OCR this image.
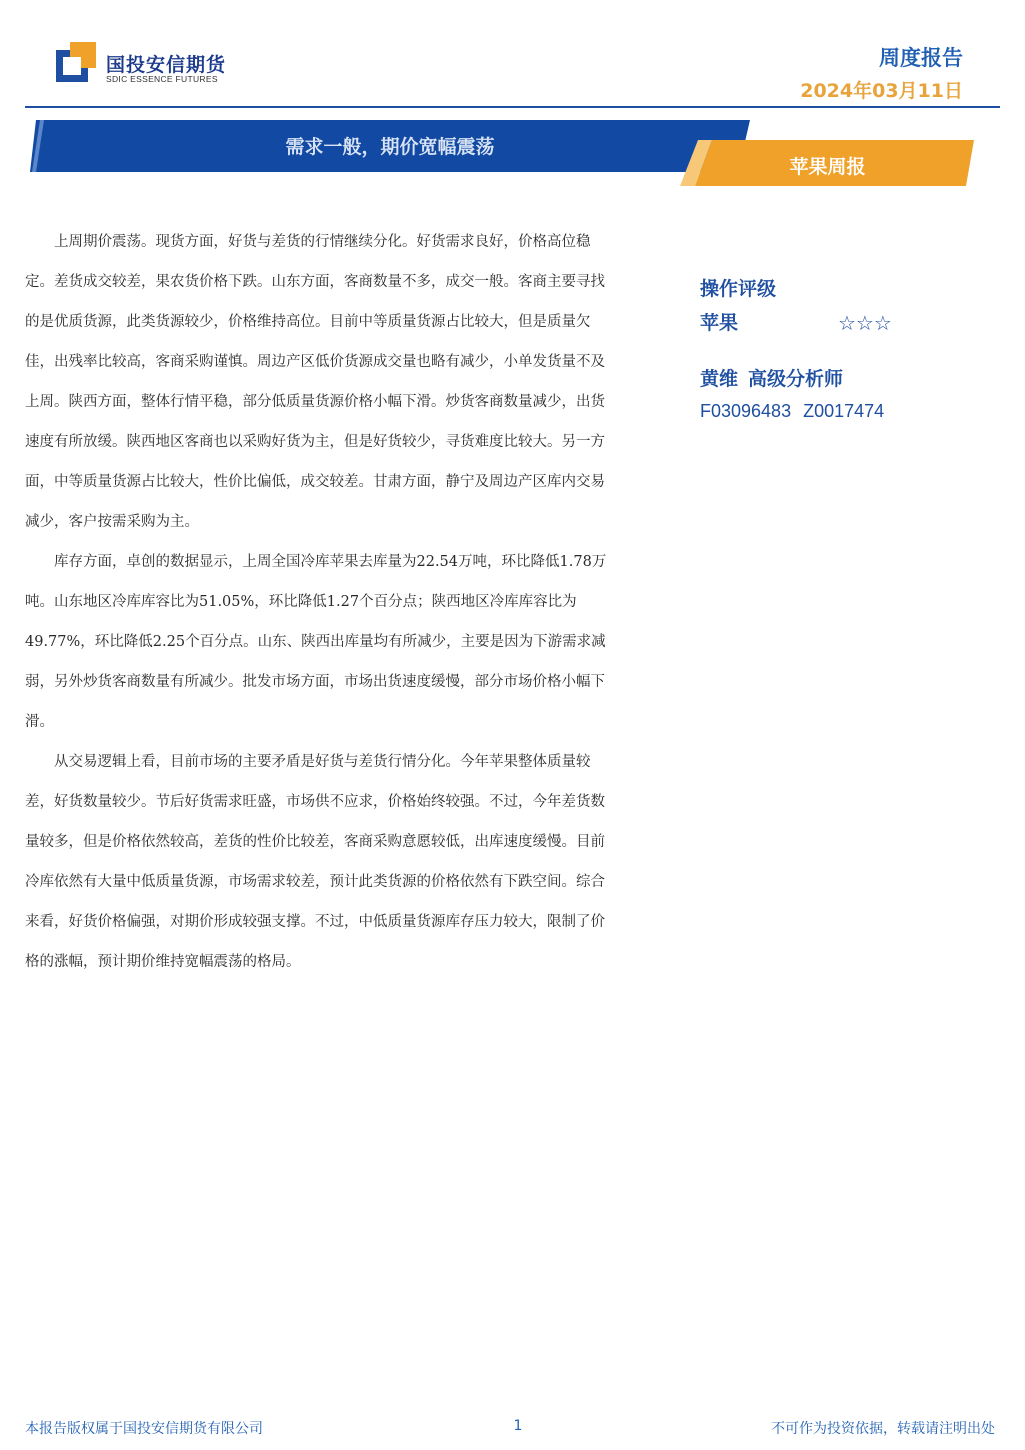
国投安信期货
SDIC ESSENCE FUTURES
周度报告
2024年03月11日
需求一般，期价宽幅震荡
苹果周报

上周期价震荡。现货方面，好货与差货的行情继续分化。好货需求良好，价格高位稳定。差货成交较差，果农货价格下跌。山东方面，客商数量不多，成交一般。客商主要寻找的是优质货源，此类货源较少，价格维持高位。目前中等质量货源占比较大，但是质量欠佳，出残率比较高，客商采购谨慎。周边产区低价货源成交量也略有减少，小单发货量不及上周。陕西方面，整体行情平稳，部分低质量货源价格小幅下滑。炒货客商数量减少，出货速度有所放缓。陕西地区客商也以采购好货为主，但是好货较少，寻货难度比较大。另一方面，中等质量货源占比较大，性价比偏低，成交较差。甘肃方面，静宁及周边产区库内交易减少，客户按需采购为主。

库存方面，卓创的数据显示，上周全国冷库苹果去库量为22.54万吨，环比降低1.78万吨。山东地区冷库库容比为51.05%，环比降低1.27个百分点；陕西地区冷库库容比为49.77%，环比降低2.25个百分点。山东、陕西出库量均有所减少，主要是因为下游需求减弱，另外炒货客商数量有所减少。批发市场方面，市场出货速度缓慢，部分市场价格小幅下滑。

从交易逻辑上看，目前市场的主要矛盾是好货与差货行情分化。今年苹果整体质量较差，好货数量较少。节后好货需求旺盛，市场供不应求，价格始终较强。不过，今年差货数量较多，但是价格依然较高，差货的性价比较差，客商采购意愿较低，出库速度缓慢。目前冷库依然有大量中低质量货源，市场需求较差，预计此类货源的价格依然有下跌空间。综合来看，好货价格偏强，对期价形成较强支撑。不过，中低质量货源库存压力较大，限制了价格的涨幅，预计期价维持宽幅震荡的格局。

操作评级
苹果	☆☆☆
黄维 高级分析师
F03096483 Z0017474
本报告版权属于国投安信期货有限公司	1	不可作为投资依据，转载请注明出处
